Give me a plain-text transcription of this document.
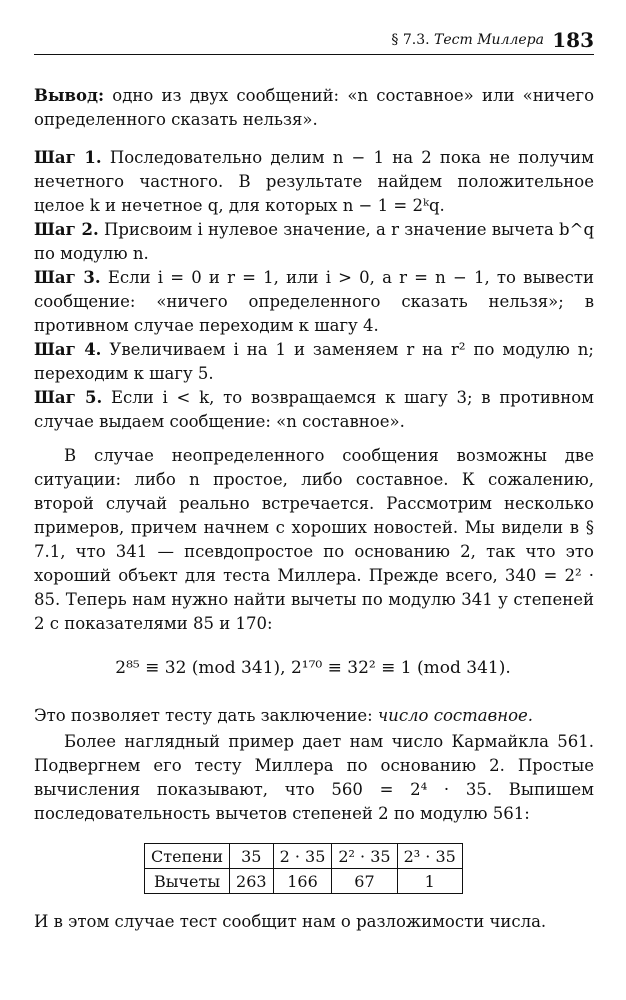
§ 7.3. Тест Миллера 183

Вывод: одно из двух сообщений: «n составное» или «ничего определенного сказать нельзя».

Шаг 1. Последовательно делим n − 1 на 2 пока не получим нечетного частного. В результате найдем положительное целое k и нечетное q, для которых n − 1 = 2ᵏq.

Шаг 2. Присвоим i нулевое значение, а r значение вычета b^q по модулю n.

Шаг 3. Если i = 0 и r = 1, или i > 0, а r = n − 1, то вывести сообщение: «ничего определенного сказать нельзя»; в противном случае переходим к шагу 4.

Шаг 4. Увеличиваем i на 1 и заменяем r на r² по модулю n; переходим к шагу 5.

Шаг 5. Если i < k, то возвращаемся к шагу 3; в противном случае выдаем сообщение: «n составное».

В случае неопределенного сообщения возможны две ситуации: либо n простое, либо составное. К сожалению, второй случай реально встречается. Рассмотрим несколько примеров, причем начнем с хороших новостей. Мы видели в § 7.1, что 341 — псевдопростое по основанию 2, так что это хороший объект для теста Миллера. Прежде всего, 340 = 2² · 85. Теперь нам нужно найти вычеты по модулю 341 у степеней 2 с показателями 85 и 170:

2⁸⁵ ≡ 32 (mod 341), 2¹⁷⁰ ≡ 32² ≡ 1 (mod 341).

Это позволяет тесту дать заключение: число составное.

Более наглядный пример дает нам число Кармайкла 561. Подвергнем его тесту Миллера по основанию 2. Простые вычисления показывают, что 560 = 2⁴ · 35. Выпишем последовательность вычетов степеней 2 по модулю 561:

Степени	35	2 · 35	2² · 35	2³ · 35
Вычеты	263	166	67	1

И в этом случае тест сообщит нам о разложимости числа.
